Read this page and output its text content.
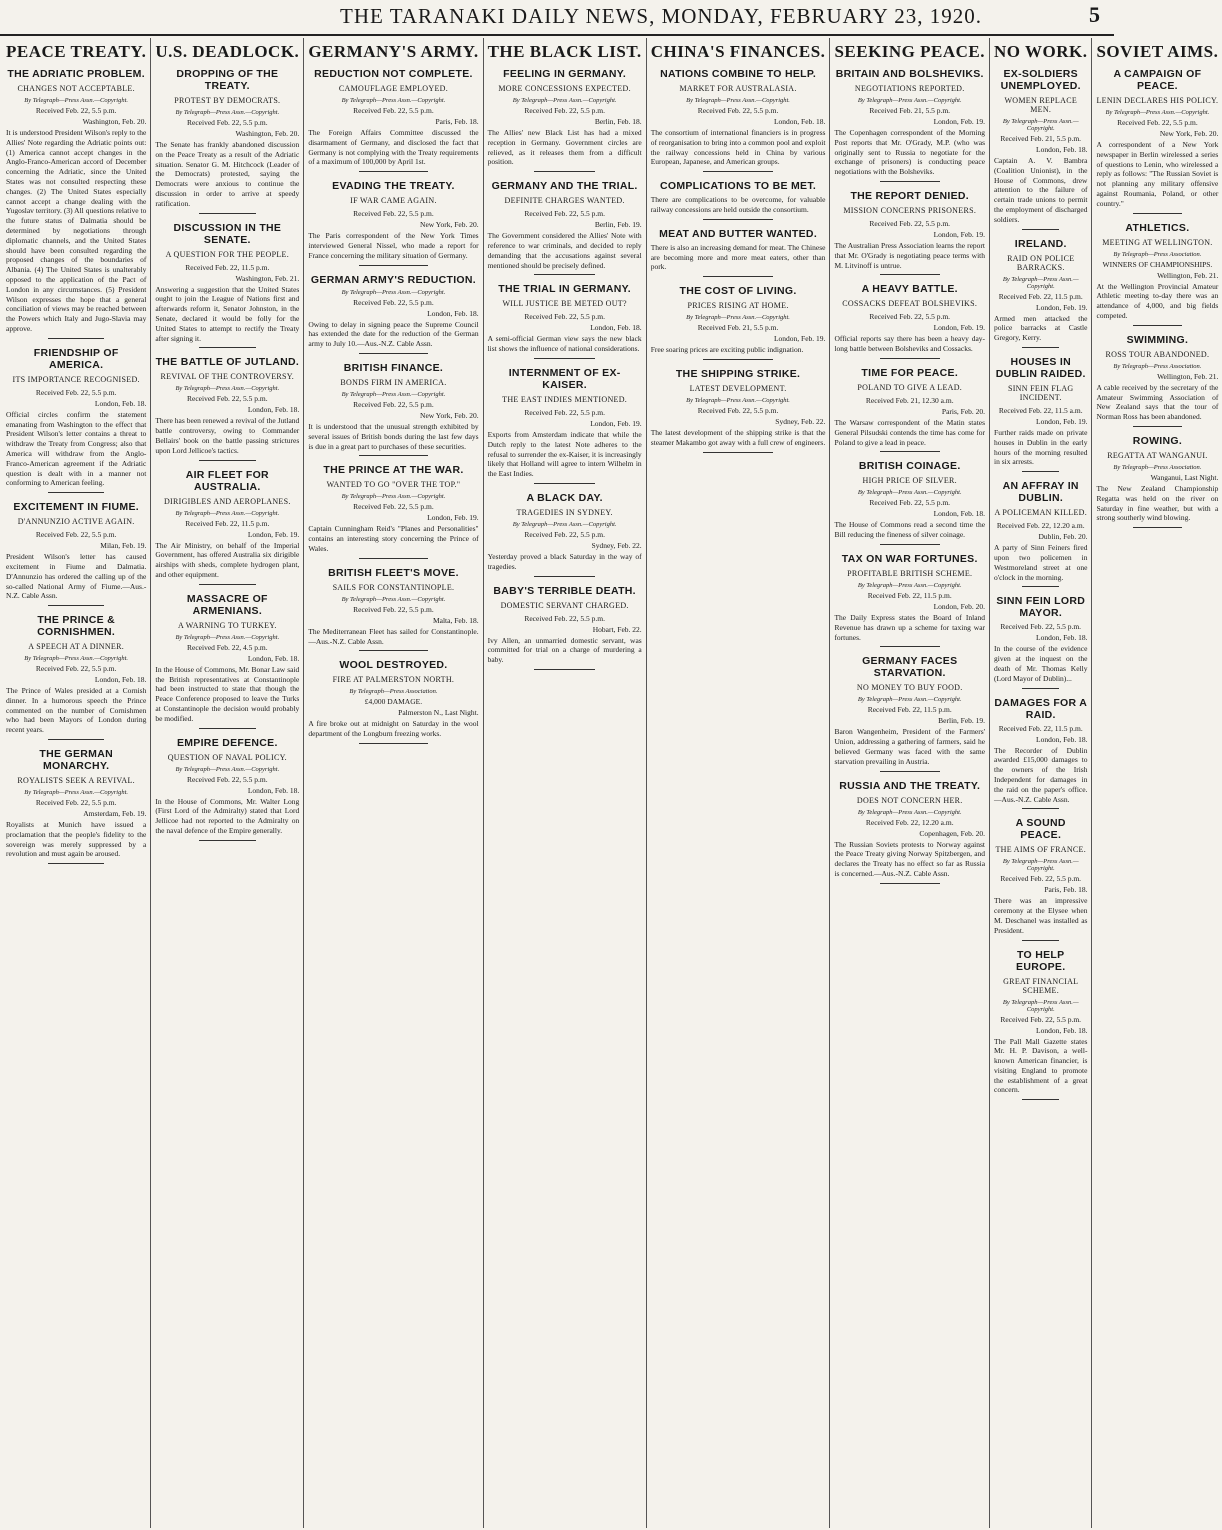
THE TARANAKI DAILY NEWS, MONDAY, FEBRUARY 23, 1920.	5
PEACE TREATY.
THE ADRIATIC PROBLEM.
CHANGES NOT ACCEPTABLE.
By Telegraph—Press Assn.—Copyright.
Received Feb. 22, 5.5 p.m.
Washington, Feb. 20.
It is understood President Wilson's reply to the Allies' Note regarding the Adriatic points out: (1) America cannot accept changes in the Anglo-Franco-American accord of December concerning the Adriatic, since the United States was not consulted respecting these changes. (2) The United States especially cannot accept a change dealing with the Yugoslav territory. (3) All questions relative to the future status of Dalmatia should be determined by negotiations through diplomatic channels, and the United States should have been consulted regarding the proposed changes of the boundaries of Albania. (4) The United States is unalterably opposed to the application of the Pact of London in any circumstances. (5) President Wilson expresses the hope that a general conciliation of views may be reached between the Powers which Italy and Jugo-Slavia may approve.
FRIENDSHIP OF AMERICA.
ITS IMPORTANCE RECOGNISED.
Received Feb. 22, 5.5 p.m.
London, Feb. 18.
Official circles confirm the statement emanating from Washington to the effect that President Wilson's letter contains a threat to withdraw the Treaty from Congress; also that America will withdraw from the Anglo-Franco-American agreement if the Adriatic question is dealt with in a manner not conforming to American feeling.
EXCITEMENT IN FIUME.
D'ANNUNZIO ACTIVE AGAIN.
Received Feb. 22, 5.5 p.m.
Milan, Feb. 19.
President Wilson's letter has caused excitement in Fiume and Dalmatia. D'Annunzio has ordered the calling up of the so-called National Army of Fiume.—Aus.-N.Z. Cable Assn.
THE PRINCE & CORNISHMEN.
A SPEECH AT A DINNER.
By Telegraph—Press Assn.—Copyright.
Received Feb. 22, 5.5 p.m.
London, Feb. 18.
The Prince of Wales presided at a Cornish dinner. In a humorous speech the Prince commented on the number of Cornishmen who had been Mayors of London during recent years.
THE GERMAN MONARCHY.
ROYALISTS SEEK A REVIVAL.
By Telegraph—Press Assn.—Copyright.
Received Feb. 22, 5.5 p.m.
Amsterdam, Feb. 19.
Royalists at Munich have issued a proclamation that the people's fidelity to the sovereign was merely suppressed by a revolution and must again be aroused.
U.S. DEADLOCK.
DROPPING OF THE TREATY.
PROTEST BY DEMOCRATS.
By Telegraph—Press Assn.—Copyright.
Received Feb. 22, 5.5 p.m.
Washington, Feb. 20.
The Senate has frankly abandoned discussion on the Peace Treaty as a result of the Adriatic situation. Senator G. M. Hitchcock (Leader of the Democrats) protested, saying the Democrats were anxious to continue the discussion in order to arrive at speedy ratification.
DISCUSSION IN THE SENATE.
A QUESTION FOR THE PEOPLE.
Received Feb. 22, 11.5 p.m.
Washington, Feb. 21.
Answering a suggestion that the United States ought to join the League of Nations first and afterwards reform it, Senator Johnston, in the Senate, declared it would be folly for the United States to attempt to rectify the Treaty after signing it.
THE BATTLE OF JUTLAND.
REVIVAL OF THE CONTROVERSY.
By Telegraph—Press Assn.—Copyright.
Received Feb. 22, 5.5 p.m.
London, Feb. 18.
There has been renewed a revival of the Jutland battle controversy, owing to Commander Bellairs' book on the battle passing strictures upon Lord Jellicoe's tactics.
AIR FLEET FOR AUSTRALIA.
DIRIGIBLES AND AEROPLANES.
By Telegraph—Press Assn.—Copyright.
Received Feb. 22, 11.5 p.m.
London, Feb. 19.
The Air Ministry, on behalf of the Imperial Government, has offered Australia six dirigible airships with sheds, complete hydrogen plant, and other equipment.
MASSACRE OF ARMENIANS.
A WARNING TO TURKEY.
By Telegraph—Press Assn.—Copyright.
Received Feb. 22, 4.5 p.m.
London, Feb. 18.
In the House of Commons, Mr. Bonar Law said the British representatives at Constantinople had been instructed to state that though the Peace Conference proposed to leave the Turks at Constantinople the decision would probably be modified.
EMPIRE DEFENCE.
QUESTION OF NAVAL POLICY.
By Telegraph—Press Assn.—Copyright.
Received Feb. 22, 5.5 p.m.
London, Feb. 18.
In the House of Commons, Mr. Walter Long (First Lord of the Admiralty) stated that Lord Jellicoe had not reported to the Admiralty on the naval defence of the Empire generally.
GERMANY'S ARMY.
REDUCTION NOT COMPLETE.
CAMOUFLAGE EMPLOYED.
By Telegraph—Press Assn.—Copyright.
Received Feb. 22, 5.5 p.m.
Paris, Feb. 18.
The Foreign Affairs Committee discussed the disarmament of Germany, and disclosed the fact that Germany is not complying with the Treaty requirements of a maximum of 100,000 by April 1st.
EVADING THE TREATY.
IF WAR CAME AGAIN.
Received Feb. 22, 5.5 p.m.
New York, Feb. 20.
The Paris correspondent of the New York Times interviewed General Nissel, who made a report for France concerning the military situation of Germany.
GERMAN ARMY'S REDUCTION.
By Telegraph—Press Assn.—Copyright.
Received Feb. 22, 5.5 p.m.
London, Feb. 18.
Owing to delay in signing peace the Supreme Council has extended the date for the reduction of the German army to July 10.—Aus.-N.Z. Cable Assn.
BRITISH FINANCE.
BONDS FIRM IN AMERICA.
By Telegraph—Press Assn.—Copyright.
Received Feb. 22, 5.5 p.m.
New York, Feb. 20.
It is understood that the unusual strength exhibited by several issues of British bonds during the last few days is due in a great part to purchases of these securities.
THE PRINCE AT THE WAR.
WANTED TO GO "OVER THE TOP."
By Telegraph—Press Assn.—Copyright.
Received Feb. 22, 5.5 p.m.
London, Feb. 19.
Captain Cunningham Reid's "Planes and Personalities" contains an interesting story concerning the Prince of Wales.
BRITISH FLEET'S MOVE.
SAILS FOR CONSTANTINOPLE.
By Telegraph—Press Assn.—Copyright.
Received Feb. 22, 5.5 p.m.
Malta, Feb. 18.
The Mediterranean Fleet has sailed for Constantinople.—Aus.-N.Z. Cable Assn.
WOOL DESTROYED.
FIRE AT PALMERSTON NORTH.
By Telegraph—Press Association.
£4,000 DAMAGE.
Palmerston N., Last Night.
A fire broke out at midnight on Saturday in the wool department of the Longburn freezing works.
THE BLACK LIST.
FEELING IN GERMANY.
MORE CONCESSIONS EXPECTED.
By Telegraph—Press Assn.—Copyright.
Received Feb. 22, 5.5 p.m.
Berlin, Feb. 18.
The Allies' new Black List has had a mixed reception in Germany. Government circles are relieved, as it releases them from a difficult position.
GERMANY AND THE TRIAL.
DEFINITE CHARGES WANTED.
Received Feb. 22, 5.5 p.m.
Berlin, Feb. 19.
The Government considered the Allies' Note with reference to war criminals, and decided to reply demanding that the accusations against several mentioned should be precisely defined.
THE TRIAL IN GERMANY.
WILL JUSTICE BE METED OUT?
Received Feb. 22, 5.5 p.m.
London, Feb. 18.
A semi-official German view says the new black list shows the influence of national considerations.
INTERNMENT OF EX-KAISER.
THE EAST INDIES MENTIONED.
Received Feb. 22, 5.5 p.m.
London, Feb. 19.
Exports from Amsterdam indicate that while the Dutch reply to the latest Note adheres to the refusal to surrender the ex-Kaiser, it is increasingly likely that Holland will agree to intern Wilhelm in the East Indies.
A BLACK DAY.
TRAGEDIES IN SYDNEY.
By Telegraph—Press Assn.—Copyright.
Received Feb. 22, 5.5 p.m.
Sydney, Feb. 22.
Yesterday proved a black Saturday in the way of tragedies.
BABY'S TERRIBLE DEATH.
DOMESTIC SERVANT CHARGED.
Received Feb. 22, 5.5 p.m.
Hobart, Feb. 22.
Ivy Allen, an unmarried domestic servant, was committed for trial on a charge of murdering a baby.
CHINA'S FINANCES.
NATIONS COMBINE TO HELP.
MARKET FOR AUSTRALASIA.
By Telegraph—Press Assn.—Copyright.
Received Feb. 22, 5.5 p.m.
London, Feb. 18.
The consortium of international financiers is in progress of reorganisation to bring into a common pool and exploit the railway concessions held in China by various European, Japanese, and American groups.
COMPLICATIONS TO BE MET.
There are complications to be overcome, for valuable railway concessions are held outside the consortium.
MEAT AND BUTTER WANTED.
There is also an increasing demand for meat. The Chinese are becoming more and more meat eaters, other than pork.
THE COST OF LIVING.
PRICES RISING AT HOME.
By Telegraph—Press Assn.—Copyright.
Received Feb. 21, 5.5 p.m.
London, Feb. 19.
Free soaring prices are exciting public indignation.
THE SHIPPING STRIKE.
LATEST DEVELOPMENT.
By Telegraph—Press Assn.—Copyright.
Received Feb. 22, 5.5 p.m.
Sydney, Feb. 22.
The latest development of the shipping strike is that the steamer Makambo got away with a full crew of engineers.
SEEKING PEACE.
BRITAIN AND BOLSHEVIKS.
NEGOTIATIONS REPORTED.
By Telegraph—Press Assn.—Copyright.
Received Feb. 21, 5.5 p.m.
London, Feb. 19.
The Copenhagen correspondent of the Morning Post reports that Mr. O'Grady, M.P. (who was originally sent to Russia to negotiate for the exchange of prisoners) is conducting peace negotiations with the Bolsheviks.
THE REPORT DENIED.
MISSION CONCERNS PRISONERS.
Received Feb. 22, 5.5 p.m.
London, Feb. 19.
The Australian Press Association learns the report that Mr. O'Grady is negotiating peace terms with M. Litvinoff is untrue.
A HEAVY BATTLE.
COSSACKS DEFEAT BOLSHEVIKS.
Received Feb. 22, 5.5 p.m.
London, Feb. 19.
Official reports say there has been a heavy day-long battle between Bolsheviks and Cossacks.
TIME FOR PEACE.
POLAND TO GIVE A LEAD.
Received Feb. 21, 12.30 a.m.
Paris, Feb. 20.
The Warsaw correspondent of the Matin states General Pilsudski contends the time has come for Poland to give a lead in peace.
BRITISH COINAGE.
HIGH PRICE OF SILVER.
By Telegraph—Press Assn.—Copyright.
Received Feb. 22, 5.5 p.m.
London, Feb. 18.
The House of Commons read a second time the Bill reducing the fineness of silver coinage.
TAX ON WAR FORTUNES.
PROFITABLE BRITISH SCHEME.
By Telegraph—Press Assn.—Copyright.
Received Feb. 22, 11.5 p.m.
London, Feb. 20.
The Daily Express states the Board of Inland Revenue has drawn up a scheme for taxing war fortunes.
GERMANY FACES STARVATION.
NO MONEY TO BUY FOOD.
By Telegraph—Press Assn.—Copyright.
Received Feb. 22, 11.5 p.m.
Berlin, Feb. 19.
Baron Wangenheim, President of the Farmers' Union, addressing a gathering of farmers, said he believed Germany was faced with the same starvation prevailing in Austria.
RUSSIA AND THE TREATY.
DOES NOT CONCERN HER.
By Telegraph—Press Assn.—Copyright.
Received Feb. 22, 12.20 a.m.
Copenhagen, Feb. 20.
The Russian Soviets protests to Norway against the Peace Treaty giving Norway Spitzbergen, and declares the Treaty has no effect so far as Russia is concerned.—Aus.-N.Z. Cable Assn.
NO WORK.
EX-SOLDIERS UNEMPLOYED.
WOMEN REPLACE MEN.
By Telegraph—Press Assn.—Copyright.
Received Feb. 21, 5.5 p.m.
London, Feb. 18.
Captain A. V. Bambra (Coalition Unionist), in the House of Commons, drew attention to the failure of certain trade unions to permit the employment of discharged soldiers.
IRELAND.
RAID ON POLICE BARRACKS.
By Telegraph—Press Assn.—Copyright.
Received Feb. 22, 11.5 p.m.
London, Feb. 19.
Armed men attacked the police barracks at Castle Gregory, Kerry.
HOUSES IN DUBLIN RAIDED.
SINN FEIN FLAG INCIDENT.
Received Feb. 22, 11.5 a.m.
London, Feb. 19.
Further raids made on private houses in Dublin in the early hours of the morning resulted in six arrests.
AN AFFRAY IN DUBLIN.
A POLICEMAN KILLED.
Received Feb. 22, 12.20 a.m.
Dublin, Feb. 20.
A party of Sinn Feiners fired upon two policemen in Westmoreland street at one o'clock in the morning.
SINN FEIN LORD MAYOR.
Received Feb. 22, 5.5 p.m.
London, Feb. 18.
In the course of the evidence given at the inquest on the death of Mr. Thomas Kelly (Lord Mayor of Dublin)...
DAMAGES FOR A RAID.
Received Feb. 22, 11.5 p.m.
London, Feb. 18.
The Recorder of Dublin awarded £15,000 damages to the owners of the Irish Independent for damages in the raid on the paper's office.—Aus.-N.Z. Cable Assn.
A SOUND PEACE.
THE AIMS OF FRANCE.
By Telegraph—Press Assn.—Copyright.
Received Feb. 22, 5.5 p.m.
Paris, Feb. 18.
There was an impressive ceremony at the Elysee when M. Deschanel was installed as President.
TO HELP EUROPE.
GREAT FINANCIAL SCHEME.
By Telegraph—Press Assn.—Copyright.
Received Feb. 22, 5.5 p.m.
London, Feb. 18.
The Pall Mall Gazette states Mr. H. P. Davison, a well-known American financier, is visiting England to promote the establishment of a great concern.
SOVIET AIMS.
A CAMPAIGN OF PEACE.
LENIN DECLARES HIS POLICY.
By Telegraph—Press Assn.—Copyright.
Received Feb. 22, 5.5 p.m.
New York, Feb. 20.
A correspondent of a New York newspaper in Berlin wirelessed a series of questions to Lenin, who wirelessed a reply as follows: "The Russian Soviet is not planning any military offensive against Roumania, Poland, or other country."
ATHLETICS.
MEETING AT WELLINGTON.
By Telegraph—Press Association.
WINNERS OF CHAMPIONSHIPS.
Wellington, Feb. 21.
At the Wellington Provincial Amateur Athletic meeting to-day there was an attendance of 4,000, and big fields competed.
SWIMMING.
ROSS TOUR ABANDONED.
By Telegraph—Press Association.
Wellington, Feb. 21.
A cable received by the secretary of the Amateur Swimming Association of New Zealand says that the tour of Norman Ross has been abandoned.
ROWING.
REGATTA AT WANGANUI.
By Telegraph—Press Association.
Wanganui, Last Night.
The New Zealand Championship Regatta was held on the river on Saturday in fine weather, but with a strong southerly wind blowing.
